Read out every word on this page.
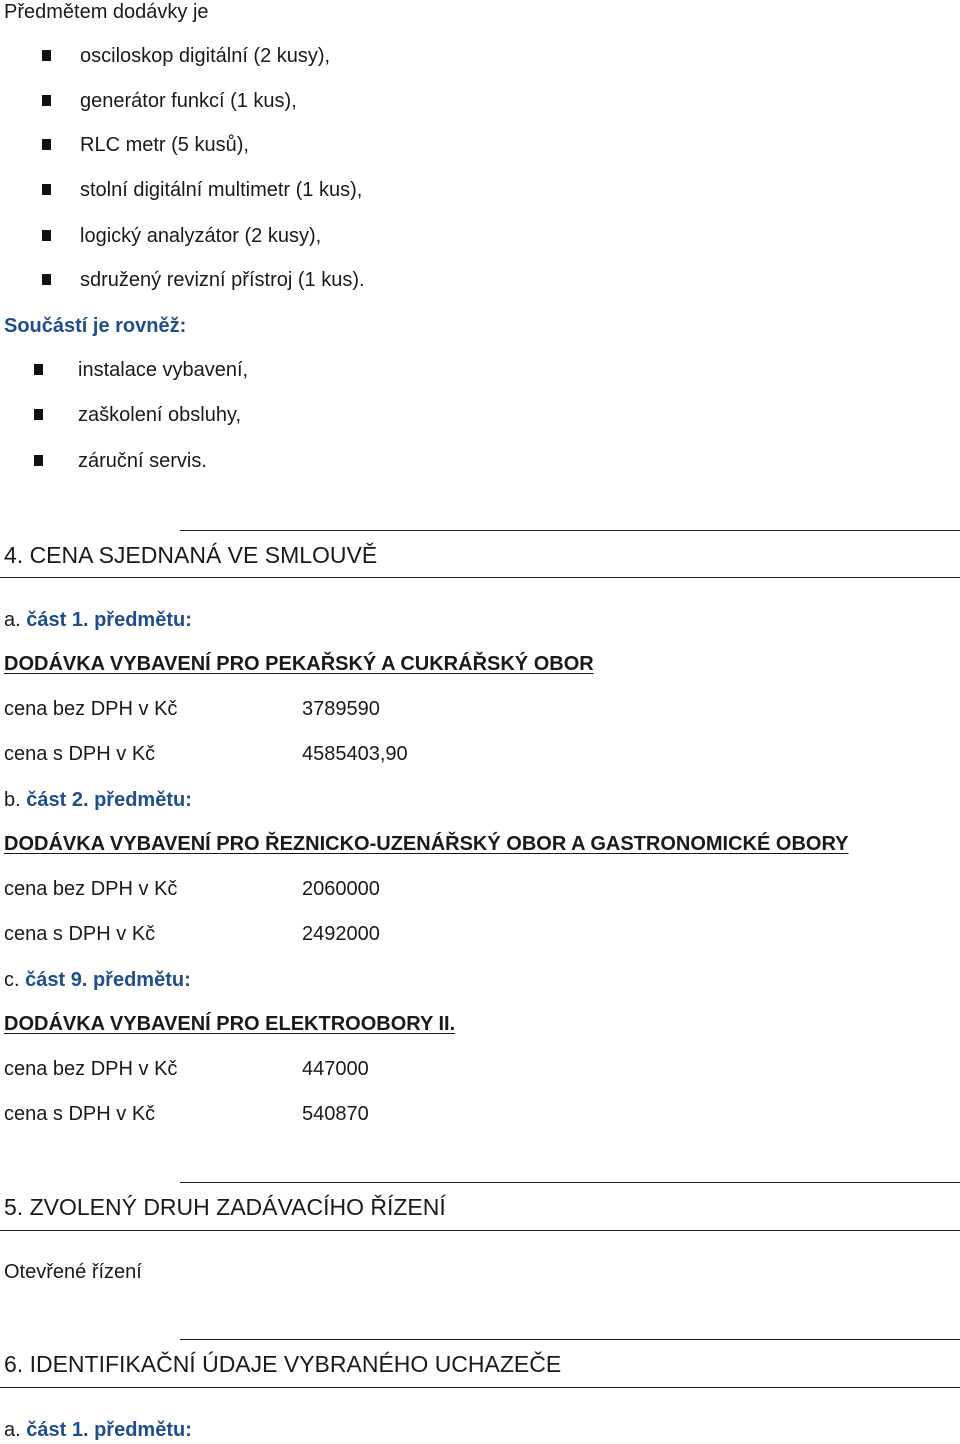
Předmětem dodávky je
osciloskop digitální (2 kusy),
generátor funkcí (1 kus),
RLC metr (5 kusů),
stolní digitální multimetr (1 kus),
logický analyzátor (2 kusy),
sdružený revizní přístroj (1 kus).
Součástí je rovněž:
instalace vybavení,
zaškolení obsluhy,
záruční servis.
4. CENA SJEDNANÁ VE SMLOUVĚ
a. část 1. předmětu:
DODÁVKA VYBAVENÍ PRO PEKAŘSKÝ A CUKRÁŘSKÝ OBOR
cena bez DPH v Kč	3789590
cena s DPH v Kč	4585403,90
b. část 2. předmětu:
DODÁVKA VYBAVENÍ PRO ŘEZNICKO-UZENÁŘSKÝ OBOR A GASTRONOMICKÉ OBORY
cena bez DPH v Kč	2060000
cena s DPH v Kč	2492000
c. část 9. předmětu:
DODÁVKA VYBAVENÍ PRO ELEKTROOBORY II.
cena bez DPH v Kč	447000
cena s DPH v Kč	540870
5. ZVOLENÝ DRUH ZADÁVACÍHO ŘÍZENÍ
Otevřené řízení
6. IDENTIFIKAČNÍ ÚDAJE VYBRANÉHO UCHAZEČE
a. část 1. předmětu:
